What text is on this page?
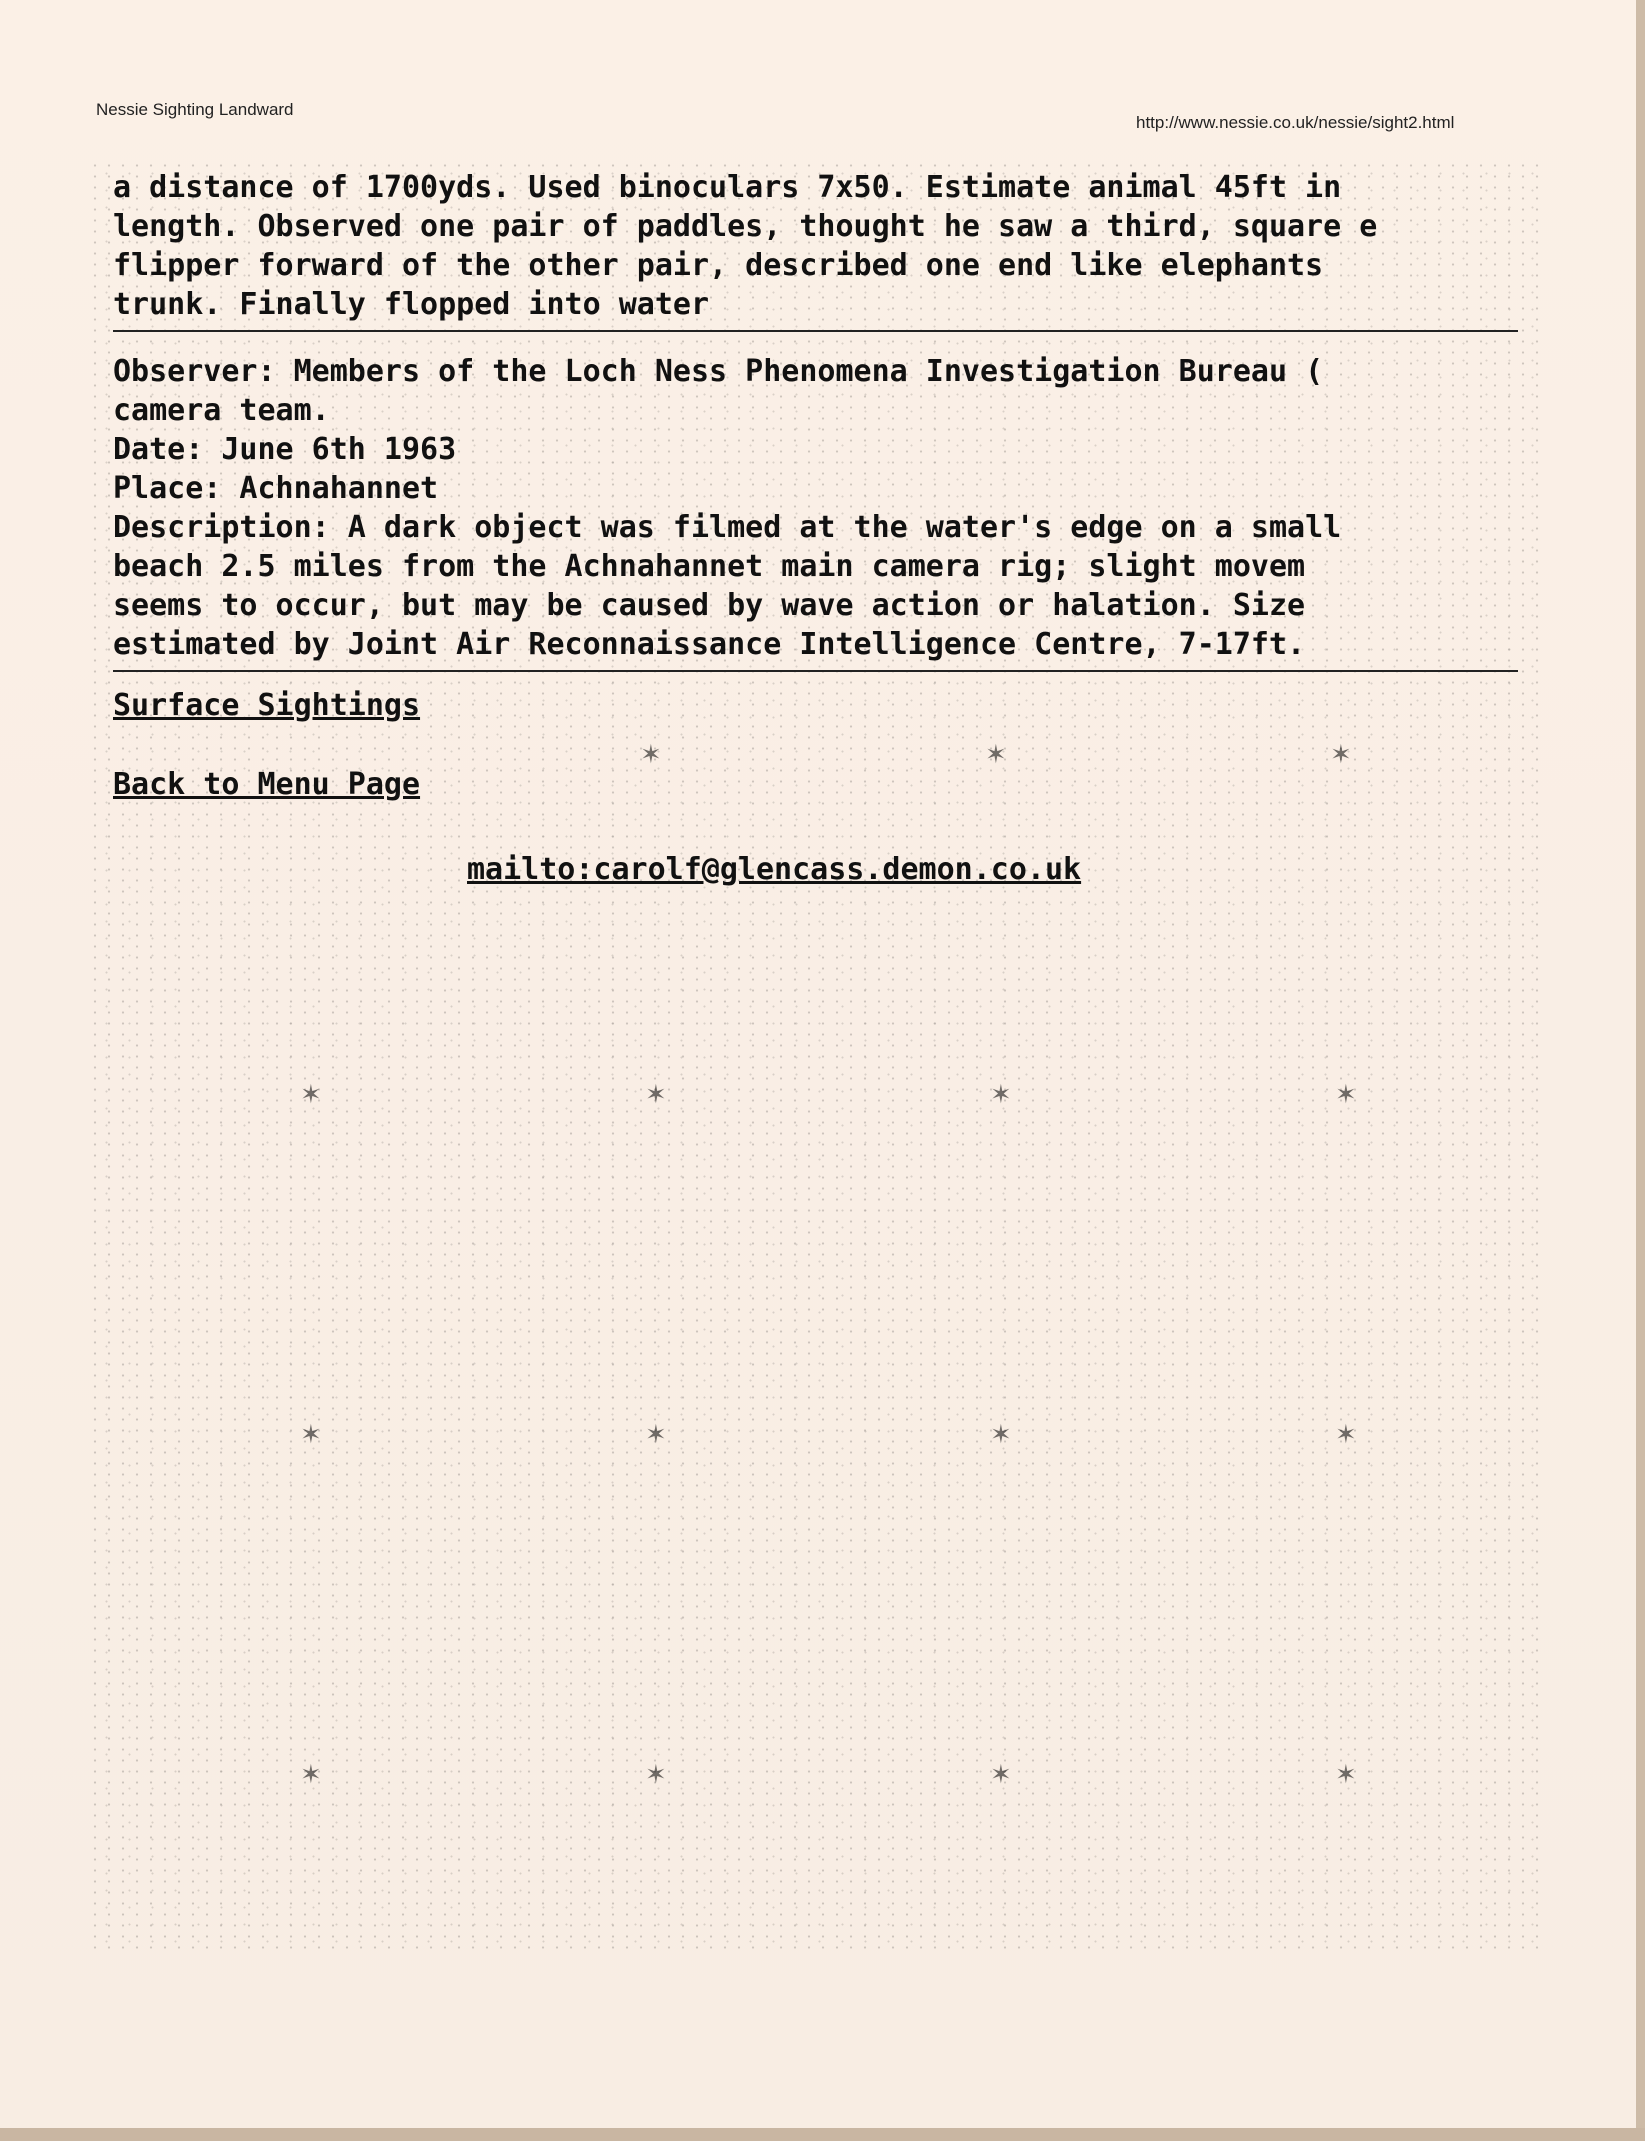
Nessie Sighting Landward
http://www.nessie.co.uk/nessie/sight2.html
a distance of 1700yds. Used binoculars 7x50. Estimate animal 45ft in
length. Observed one pair of paddles, thought he saw a third, square e
flipper forward of the other pair, described one end like elephants
trunk. Finally flopped into water
Observer: Members of the Loch Ness Phenomena Investigation Bureau (
camera team.
Date: June 6th 1963
Place: Achnahannet
Description: A dark object was filmed at the water's edge on a small
beach 2.5 miles from the Achnahannet main camera rig; slight movem
seems to occur, but may be caused by wave action or halation. Size
estimated by Joint Air Reconnaissance Intelligence Centre, 7-17ft.
Surface Sightings
Back to Menu Page
mailto:carolf@glencass.demon.co.uk
✶	✶	✶
✶	✶	✶	✶
✶	✶	✶	✶
✶	✶	✶	✶
